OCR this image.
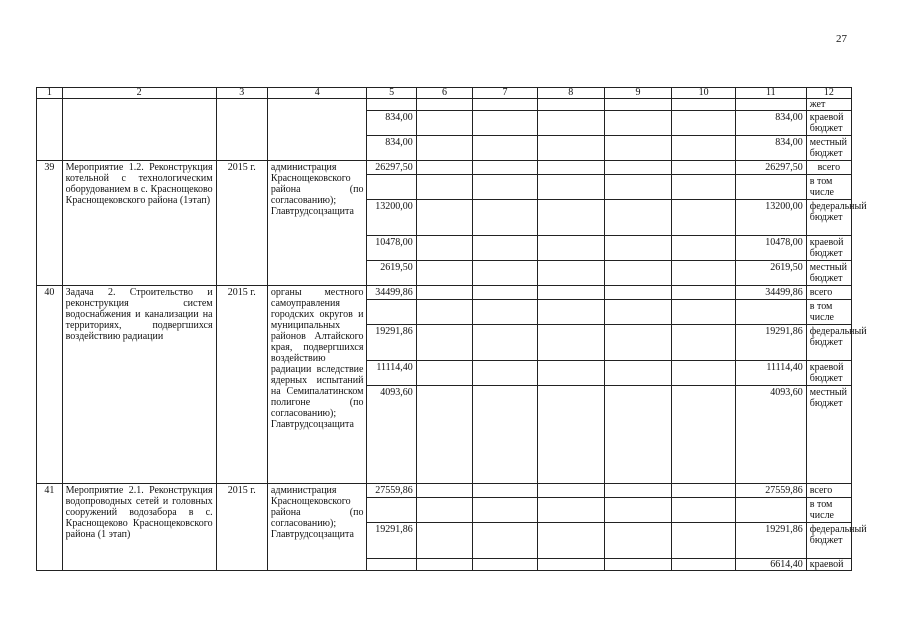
27
1	2	3	4	5	6	7	8	9	10	11	12
											жет
				834,00						834,00	краевой бюджет
				834,00						834,00	местный бюджет
39	Мероприятие 1.2. Реконструкция котельной с технологическим оборудованием в с. Краснощеково Краснощековского района (1этап)	2015 г.	администрация Краснощековского района (по согласованию); Главтрудсоцзащита	26297,50						26297,50	всего
											в том числе
				13200,00						13200,00	федеральный бюджет
				10478,00						10478,00	краевой бюджет
				2619,50						2619,50	местный бюджет
40	Задача 2. Строительство и реконструкция систем водоснабжения и канализации на территориях, подвергшихся воздействию радиации	2015 г.	органы местного самоуправления городских округов и муниципальных районов Алтайского края, подвергшихся воздействию радиации вследствие ядерных испытаний на Семипалатинском полигоне (по согласованию); Главтрудсоцзащита	34499,86						34499,86	всего
											в том числе
				19291,86						19291,86	федеральный бюджет
				11114,40						11114,40	краевой бюджет
				4093,60						4093,60	местный бюджет
41	Мероприятие 2.1. Реконструкция водопроводных сетей и головных сооружений водозабора в с. Краснощеково Краснощековского района (1 этап)	2015 г.	администрация Краснощековского района (по согласованию); Главтрудсоцзащита	27559,86						27559,86	всего
											в том числе
				19291,86						19291,86	федеральный бюджет
										6614,40	краевой
